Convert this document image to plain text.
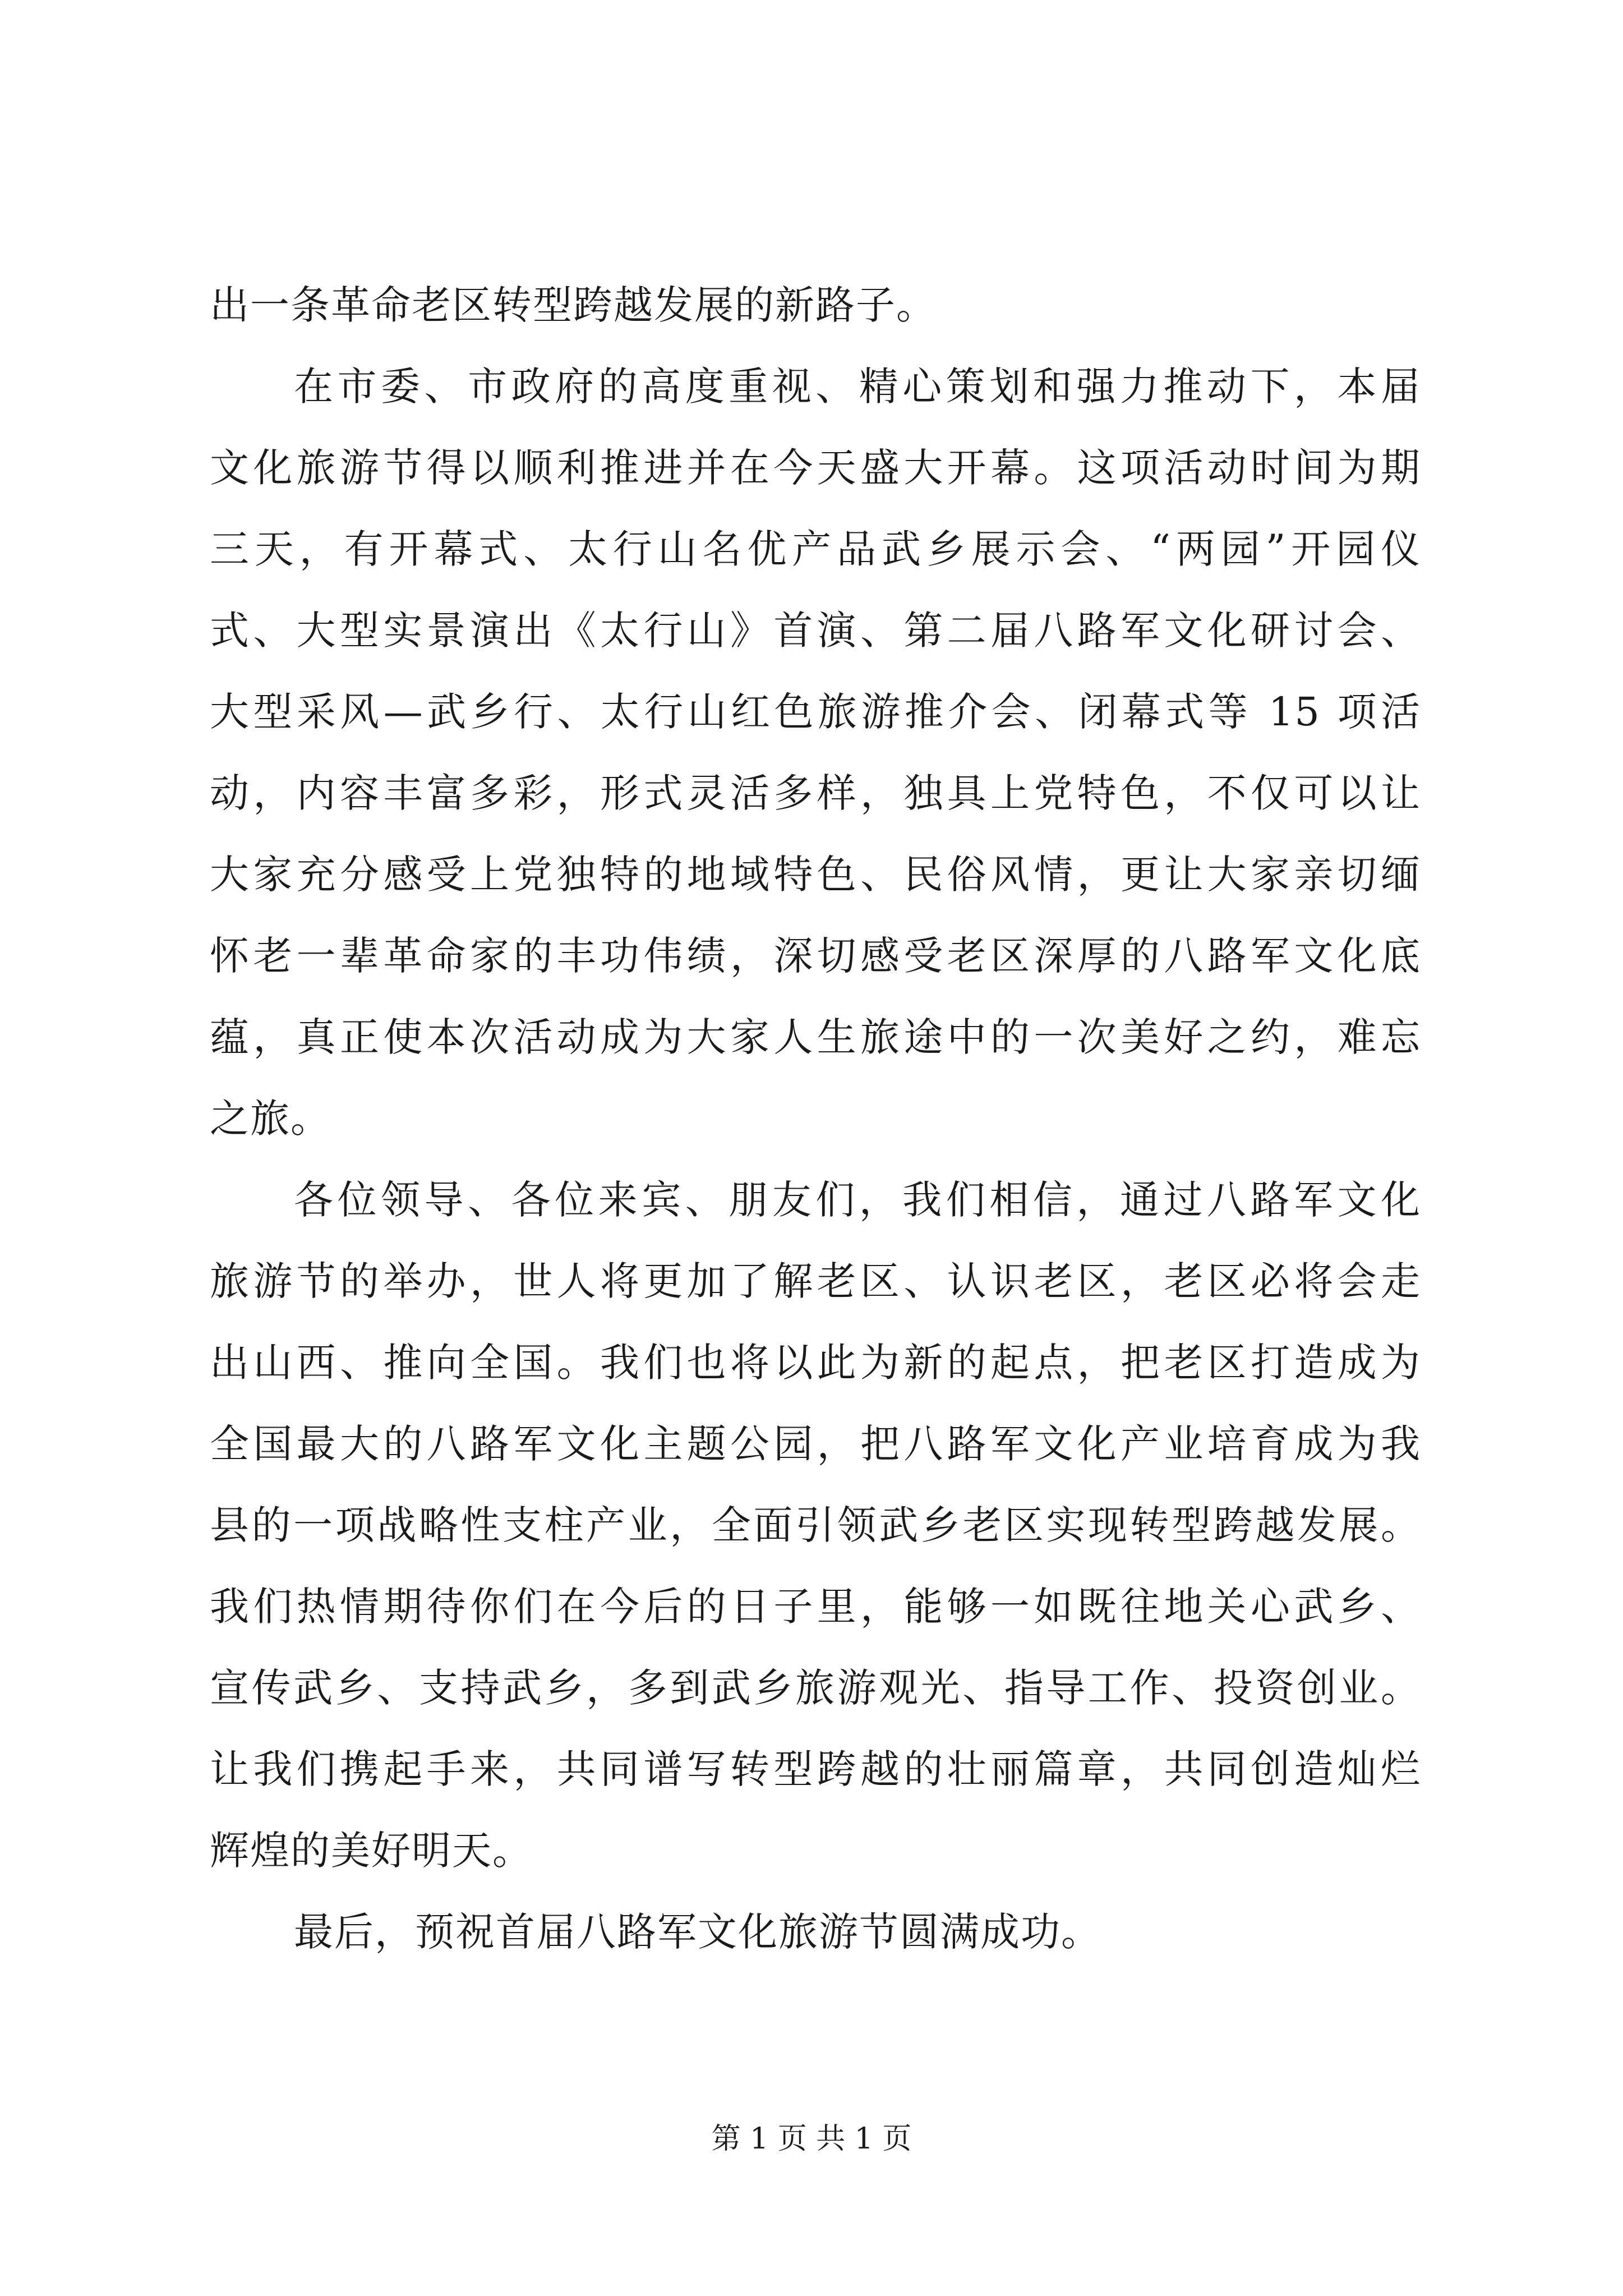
出一条革命老区转型跨越发展的新路子。
在市委、市政府的高度重视、精心策划和强力推动下，本届
文化旅游节得以顺利推进并在今天盛大开幕。这项活动时间为期
三天，有开幕式、太行山名优产品武乡展示会、“两园”开园仪
式、大型实景演出《太行山》首演、第二届八路军文化研讨会、
大型采风—武乡行、太行山红色旅游推介会、闭幕式等 15 项活
动，内容丰富多彩，形式灵活多样，独具上党特色，不仅可以让
大家充分感受上党独特的地域特色、民俗风情，更让大家亲切缅
怀老一辈革命家的丰功伟绩，深切感受老区深厚的八路军文化底
蕴，真正使本次活动成为大家人生旅途中的一次美好之约，难忘
之旅。
各位领导、各位来宾、朋友们，我们相信，通过八路军文化
旅游节的举办，世人将更加了解老区、认识老区，老区必将会走
出山西、推向全国。我们也将以此为新的起点，把老区打造成为
全国最大的八路军文化主题公园，把八路军文化产业培育成为我
县的一项战略性支柱产业，全面引领武乡老区实现转型跨越发展。
我们热情期待你们在今后的日子里，能够一如既往地关心武乡、
宣传武乡、支持武乡，多到武乡旅游观光、指导工作、投资创业。
让我们携起手来，共同谱写转型跨越的壮丽篇章，共同创造灿烂
辉煌的美好明天。
最后，预祝首届八路军文化旅游节圆满成功。
第 1 页 共 1 页
